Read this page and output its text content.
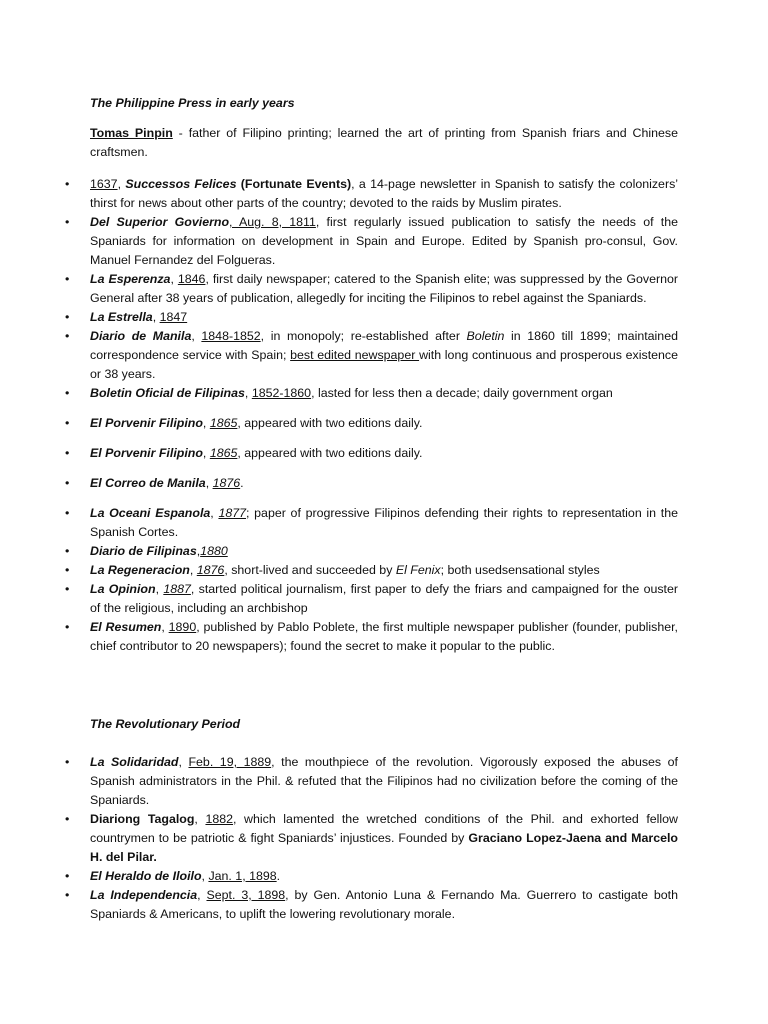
The Philippine Press in early years
Tomas Pinpin - father of Filipino printing; learned the art of printing from Spanish friars and Chinese craftsmen.
• 1637, Successos Felices (Fortunate Events), a 14-page newsletter in Spanish to satisfy the colonizers’ thirst for news about other parts of the country; devoted to the raids by Muslim pirates.
• Del Superior Govierno, Aug. 8, 1811, first regularly issued publication to satisfy the needs of the Spaniards for information on development in Spain and Europe. Edited by Spanish pro-consul, Gov. Manuel Fernandez del Folgueras.
• La Esperenza, 1846, first daily newspaper; catered to the Spanish elite; was suppressed by the Governor General after 38 years of publication, allegedly for inciting the Filipinos to rebel against the Spaniards.
• La Estrella, 1847
• Diario de Manila, 1848-1852, in monopoly; re-established after Boletin in 1860 till 1899; maintained correspondence service with Spain; best edited newspaper with long continuous and prosperous existence or 38 years.
• Boletin Oficial de Filipinas, 1852-1860, lasted for less then a decade; daily government organ
• El Porvenir Filipino, 1865, appeared with two editions daily.
• El Porvenir Filipino, 1865, appeared with two editions daily.
• El Correo de Manila, 1876.
• La Oceani Espanola, 1877; paper of progressive Filipinos defending their rights to representation in the Spanish Cortes.
• Diario de Filipinas,1880
• La Regeneracion, 1876, short-lived and succeeded by El Fenix; both usedsensational styles
• La Opinion, 1887, started political journalism, first paper to defy the friars and campaigned for the ouster of the religious, including an archbishop
• El Resumen, 1890, published by Pablo Poblete, the first multiple newspaper publisher (founder, publisher, chief contributor to 20 newspapers); found the secret to make it popular to the public.
The Revolutionary Period
• La Solidaridad, Feb. 19, 1889, the mouthpiece of the revolution. Vigorously exposed the abuses of Spanish administrators in the Phil. & refuted that the Filipinos had no civilization before the coming of the Spaniards.
• Diariong Tagalog, 1882, which lamented the wretched conditions of the Phil. and exhorted fellow countrymen to be patriotic & fight Spaniards’ injustices. Founded by Graciano Lopez-Jaena and Marcelo H. del Pilar.
• El Heraldo de Iloilo, Jan. 1, 1898.
• La Independencia, Sept. 3, 1898, by Gen. Antonio Luna & Fernando Ma. Guerrero to castigate both Spaniards & Americans, to uplift the lowering revolutionary morale.
